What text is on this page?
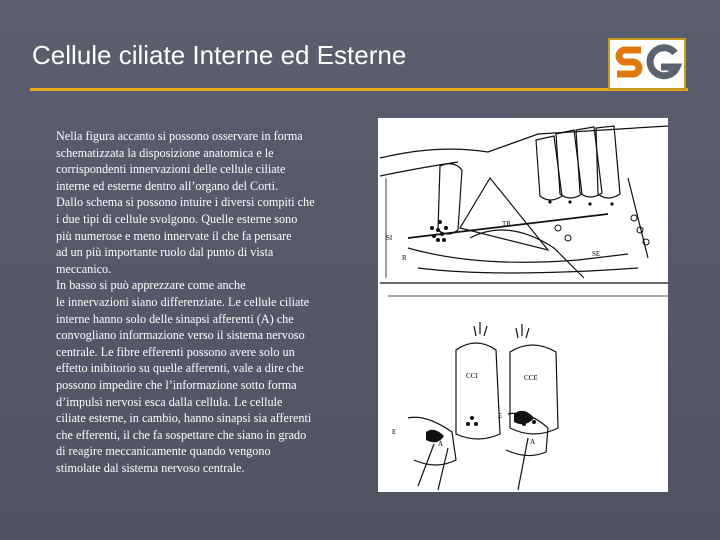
Cellule ciliate Interne ed Esterne	SG
Nella figura accanto si possono osservare in forma
schematizzata la disposizione anatomica e le
corrispondenti innervazioni delle cellule ciliate
interne ed esterne dentro all’organo del Corti.
Dallo schema si possono intuire i diversi compiti che
i due tipi di cellule svolgono. Quelle esterne sono
più numerose e meno innervate il che fa pensare
ad un più importante ruolo dal punto di vista
meccanico.
In basso si può apprezzare come anche
le innervazioni siano differenziate. Le cellule ciliate
interne hanno solo delle sinapsi afferenti (A) che
convogliano informazione verso il sistema nervoso
centrale. Le fibre efferenti possono avere solo un
effetto inibitorio su quelle afferenti, vale a dire che
possono impedire che l’informazione sotto forma
d’impulsi nervosi esca dalla cellula. Le cellule
ciliate esterne, in cambio, hanno sinapsi sia afferenti
che efferenti, il che fa sospettare che siano in grado
di reagire meccanicamente quando vengono
stimolate dal sistema nervoso centrale.
SI
R
TR
SE
CCI	CCE
E
A
E
A
